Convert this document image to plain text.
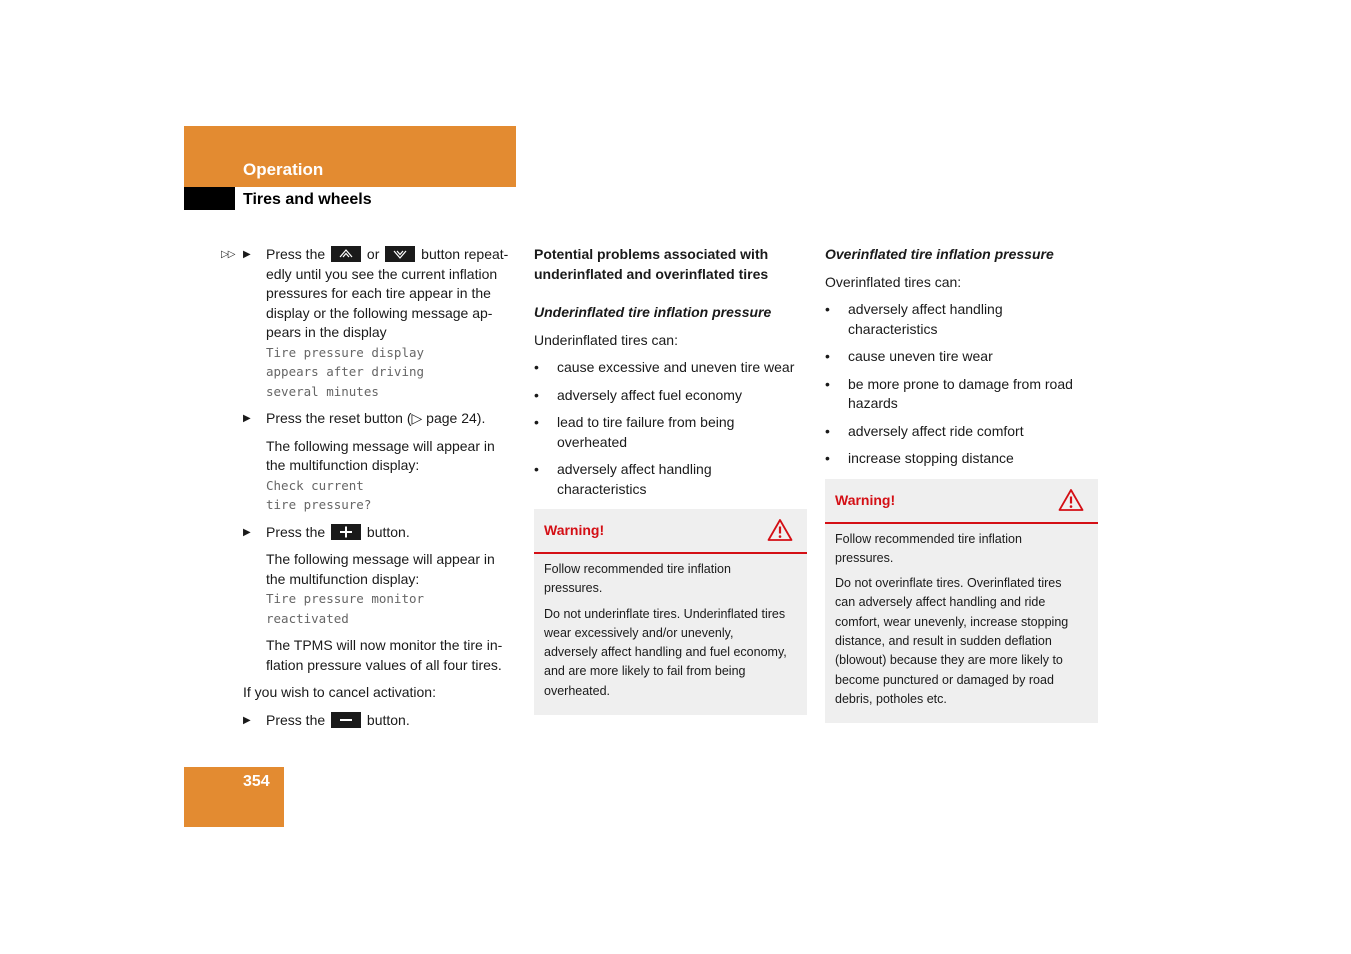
Operation
Tires and wheels
▷▷ ▶ Press the	or	button repeat-
edly until you see the current inflation
pressures for each tire appear in the
display or the following message ap-
pears in the display
Tire pressure display
appears after driving
several minutes
▶ Press the reset button (▷ page 24).
The following message will appear in
the multifunction display:
Check current
tire pressure?
▶ Press the	button.
The following message will appear in
the multifunction display:
Tire pressure monitor
reactivated
The TPMS will now monitor the tire in-
flation pressure values of all four tires.
If you wish to cancel activation:
▶ Press the	button.
Potential problems associated with
underinflated and overinflated tires
Underinflated tire inflation pressure
Underinflated tires can:
• cause excessive and uneven tire wear
• adversely affect fuel economy
• lead to tire failure from being
overheated
• adversely affect handling
characteristics
Warning!

Follow recommended tire inflation
pressures.

Do not underinflate tires. Underinflated tires
wear excessively and/or unevenly,
adversely affect handling and fuel economy,
and are more likely to fail from being
overheated.

Overinflated tire inflation pressure
Overinflated tires can:
• adversely affect handling
characteristics
• cause uneven tire wear
• be more prone to damage from road
hazards
• adversely affect ride comfort
• increase stopping distance
Warning!

Follow recommended tire inflation
pressures.

Do not overinflate tires. Overinflated tires
can adversely affect handling and ride
comfort, wear unevenly, increase stopping
distance, and result in sudden deflation
(blowout) because they are more likely to
become punctured or damaged by road
debris, potholes etc.

354
